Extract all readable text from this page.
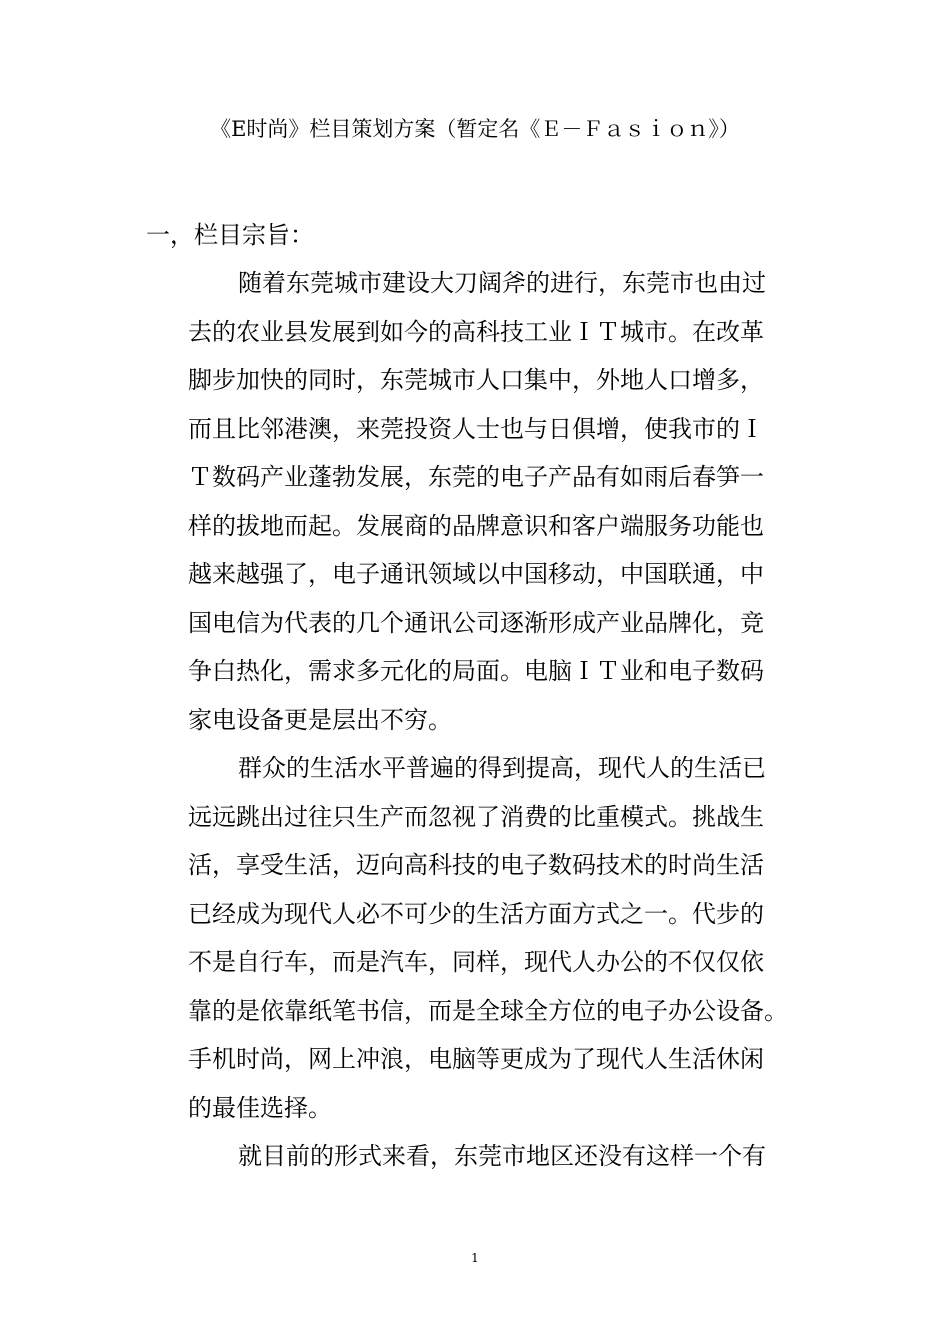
《E时尚》栏目策划方案（暂定名《Ｅ－Ｆａｓｉｏｎ》）
一，栏目宗旨：
随着东莞城市建设大刀阔斧的进行，东莞市也由过
去的农业县发展到如今的高科技工业ＩＴ城市。在改革
脚步加快的同时，东莞城市人口集中，外地人口增多，
而且比邻港澳，来莞投资人士也与日俱增，使我市的Ｉ
Ｔ数码产业蓬勃发展，东莞的电子产品有如雨后春笋一
样的拔地而起。发展商的品牌意识和客户端服务功能也
越来越强了，电子通讯领域以中国移动，中国联通，中
国电信为代表的几个通讯公司逐渐形成产业品牌化，竞
争白热化，需求多元化的局面。电脑ＩＴ业和电子数码
家电设备更是层出不穷。
群众的生活水平普遍的得到提高，现代人的生活已
远远跳出过往只生产而忽视了消费的比重模式。挑战生
活，享受生活，迈向高科技的电子数码技术的时尚生活
已经成为现代人必不可少的生活方面方式之一。代步的
不是自行车，而是汽车，同样，现代人办公的不仅仅依
靠的是依靠纸笔书信，而是全球全方位的电子办公设备。
手机时尚，网上冲浪，电脑等更成为了现代人生活休闲
的最佳选择。
就目前的形式来看，东莞市地区还没有这样一个有
1
